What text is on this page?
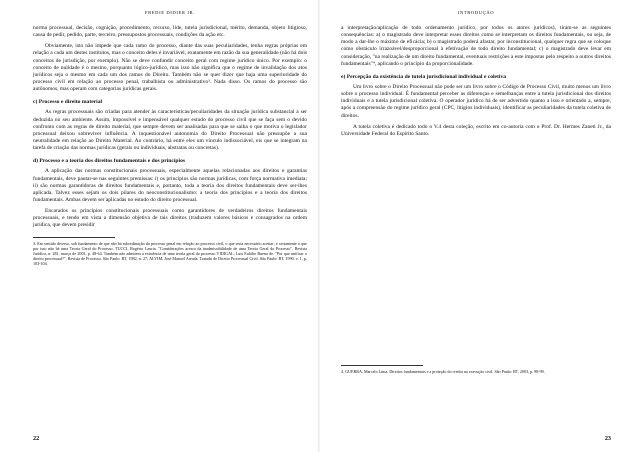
FREDIE DIDIER JR.

norma processual, decisão, cognição, procedimento, recurso, lide, tutela jurisdicional, mérito, demanda, objeto litigioso, causa de pedir, pedido, parte, terceiro, pressupostos processuais, condições da ação etc.

Obviamente, isto não impede que cada ramo do processo, diante das suas peculiaridades, tenha regras próprias em relação a cada um destes institutos, mas o conceito deles é invariável, exatamente em razão da sua generalidade (não há dois conceitos de jurisdição, por exemplo). Não se deve confundir conceito geral com regime jurídico único. Por exemplo: o conceito de nulidade é o mesmo, porquanto lógico-jurídico, mas isso não significa que o regime de invalidação dos atos jurídicos seja o mesmo em cada um dos ramos do Direito. Também não se quer dizer que haja uma superioridade do processo civil em relação ao processo penal, trabalhista ou administrativo³. Nada disso. Os ramos do processo são autônomos, mas operam com categorias jurídicas gerais.

c) Processo e direito material

As regras processuais são criadas para atender às características/peculiaridades da situação jurídica substancial a ser deduzida no seu ambiente. Assim, impossível e impensável qualquer estudo do processo civil que se faça sem o devido confronto com as regras de direito material, que sempre devem ser analisadas para que se saiba o que motiva o legislador processual deixou sobreviver influência. A inquestionável autonomia do Direito Processual não pressupõe a sua neutralidade em relação ao Direito Material. Ao contrário, há entre eles um vínculo indissociável, eis que se integram na tarefa de criação das normas jurídicas (gerais ou individuais, abstratas ou concretas).

d) Processo e a teoria dos direitos fundamentais e dos princípios

A aplicação das normas constitucionais processuais, especialmente aquelas relacionadas aos direitos e garantias fundamentais, deve pautar-se nas seguintes premissas: i) os princípios são normas jurídicas, com força normativa imediata; ii) são normas garantidoras de direitos fundamentais e, portanto, toda a teoria dos direitos fundamentais deve ser-lhes aplicada. Talvez esses sejam os dois pilares do neoconstitucionalismo: a teoria dos princípios e a teoria dos direitos fundamentais. Ambas devem ser aplicadas no estudo do direito processual.

Encarados os princípios constitucionais processuais como garantidores de verdadeiros direitos fundamentais processuais, e tendo em vista a dimensão objetiva de tais direitos (traduzem valores básicos e consagrados na ordem jurídica, que devem presidir

3. Em sentido diverso, sob fundamento de que não há subordinação do processo penal em relação ao processo civil, o que seria necessário aceitar; e certamente o que por isso não há uma Teoria Geral do Processo. TUCCI, Rogério Lauria. "Considerações acerca da inadmissibilidade de uma Teoria Geral do Processo". Revista Jurídica, n. 281, março de 2001, p. 48-64. Também não admitem a existência de uma teoria geral do processo VIDIGAL, Luis Eulálio Bueno de. "Por que unificar o direito processual?". Revista de Processo. São Paulo: RT, 1982, n. 27; ALVIM, José Manoel Arruda. Tratado de Direito Processual Civil. São Paulo: RT, 1990, v. 1, p. 103-104.

22
INTRODUÇÃO

a interpretação/aplicação de todo ordenamento jurídico, por todos os atores jurídicos), tiram-se as seguintes consequências: a) o magistrado deve interpretar esses direitos como se interpretam os direitos fundamentais, ou seja, de modo a dar-lhe o máximo de eficácia; b) o magistrado poderá afastar, por inconstitucional, qualquer regra que se coloque como obstáculo irrazoável/desproporcional à efetivação de todo direito fundamental; c) o magistrado deve levar em consideração, "na realização de um direito fundamental, eventuais restrições a este impostas pelo respeito a outros direitos fundamentais"⁴, aplicando o princípio da proporcionalidade.

e) Percepção da existência de tutela jurisdicional individual e coletiva

Um livro sobre o Direito Processual não pode ser um livro sobre o Código de Processo Civil, muito menos um livro sobre o processo individual. É fundamental perceber as diferenças e semelhanças entre a tutela jurisdicional dos direitos individuais e a tutela jurisdicional coletiva. O operador jurídico há de ser advertido quanto a isso e orientado a, sempre, após a compreensão do regime jurídico geral (CPC, litígios individuais), identificar as peculiaridades da tutela coletiva de direitos.

A tutela coletiva é dedicado todo o V.4 desta coleção, escrito em co-autoria com o Prof. Dr. Hermes Zaneti Jr., da Universidade Federal do Espírito Santo.

4. GUERRA, Marcelo Lima. Direitos fundamentais e a proteção do credor na execução civil. São Paulo: RT, 2003, p. 98-99.

23
